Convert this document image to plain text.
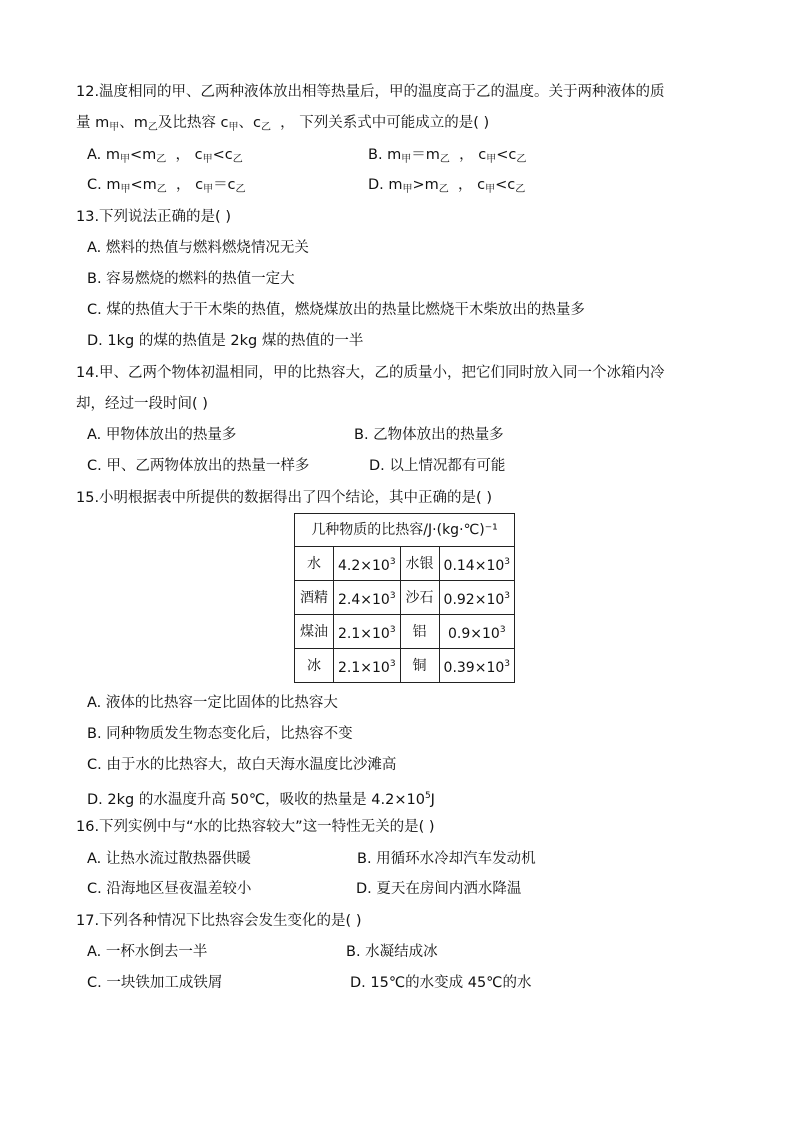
12.温度相同的甲、乙两种液体放出相等热量后，甲的温度高于乙的温度。关于两种液体的质
量 $m_甲$、$m_乙$及比热容 $c_甲$、$c_乙$ ， 下列关系式中可能成立的是( )
A. $m_甲<m_乙$ ， $c_甲<c_乙$	B. $m_甲=m_乙$ ， $c_甲<c_乙$
C. $m_甲<m_乙$ ， $c_甲=c_乙$	D. $m_甲>m_乙$ ， $c_甲<c_乙$
13.下列说法正确的是( )
A. 燃料的热值与燃料燃烧情况无关
B. 容易燃烧的燃料的热值一定大
C. 煤的热值大于干木柴的热值，燃烧煤放出的热量比燃烧干木柴放出的热量多
D. 1kg 的煤的热值是 2kg 煤的热值的一半
14.甲、乙两个物体初温相同，甲的比热容大，乙的质量小，把它们同时放入同一个冰箱内冷
却，经过一段时间( )
A. 甲物体放出的热量多	B. 乙物体放出的热量多
C. 甲、乙两物体放出的热量一样多	D. 以上情况都有可能
15.小明根据表中所提供的数据得出了四个结论，其中正确的是( )
几种物质的比热容/J·(kg·℃)⁻¹			
水	$4.2\times 10^3$	水银	$0.14\times 10^3$
酒精	$2.4\times 10^3$	沙石	$0.92\times 10^3$
煤油	$2.1\times 10^3$	铝	$0.9\times 10^3$
冰	$2.1\times 10^3$	铜	$0.39\times 10^3$
A. 液体的比热容一定比固体的比热容大
B. 同种物质发生物态变化后，比热容不变
C. 由于水的比热容大，故白天海水温度比沙滩高
D. 2kg 的水温度升高 50℃，吸收的热量是 $4.2\times 10^5J$
16.下列实例中与“水的比热容较大”这一特性无关的是( )
A. 让热水流过散热器供暖	B. 用循环水冷却汽车发动机
C. 沿海地区昼夜温差较小	D. 夏天在房间内洒水降温
17.下列各种情况下比热容会发生变化的是( )
A. 一杯水倒去一半	B. 水凝结成冰
C. 一块铁加工成铁屑	D. 15℃的水变成 45℃的水
